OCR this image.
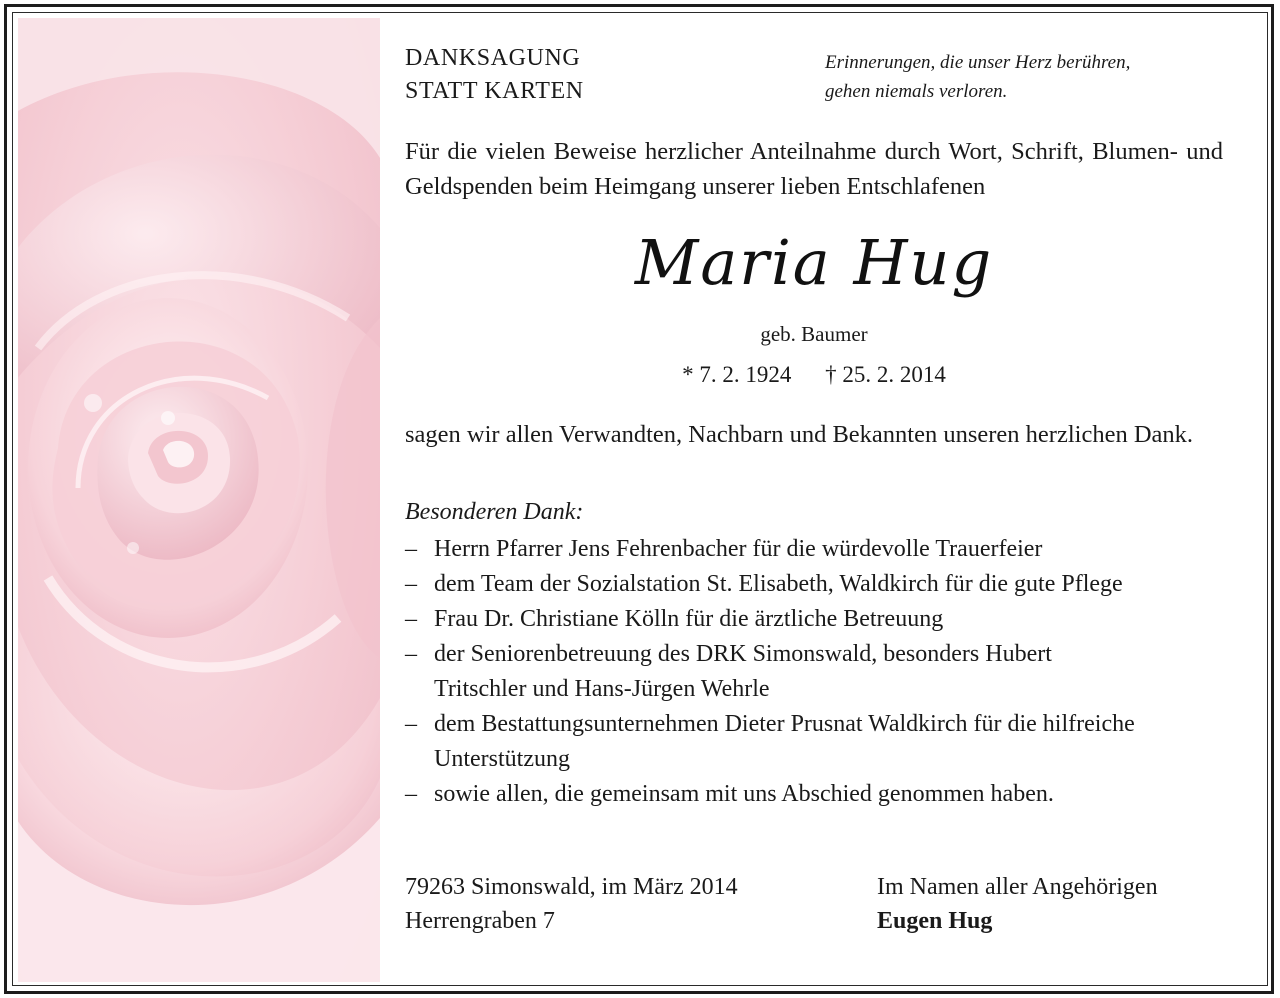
DANKSAGUNG
STATT KARTEN
Erinnerungen, die unser Herz berühren,
gehen niemals verloren.
Für die vielen Beweise herzlicher Anteilnahme durch Wort, Schrift, Blumen- und Geldspenden beim Heimgang unserer lieben Entschlafenen
Maria Hug
geb. Baumer
* 7. 2. 1924 † 25. 2. 2014
sagen wir allen Verwandten, Nachbarn und Bekannten unseren herzlichen Dank.
Besonderen Dank:
– Herrn Pfarrer Jens Fehrenbacher für die würdevolle Trauerfeier
– dem Team der Sozialstation St. Elisabeth, Waldkirch für die gute Pflege
– Frau Dr. Christiane Kölln für die ärztliche Betreuung
– der Seniorenbetreuung des DRK Simonswald, besonders Hubert Tritschler und Hans-Jürgen Wehrle
– dem Bestattungsunternehmen Dieter Prusnat Waldkirch für die hilfreiche Unterstützung
– sowie allen, die gemeinsam mit uns Abschied genommen haben.
79263 Simonswald, im März 2014
Herrengraben 7
Im Namen aller Angehörigen
Eugen Hug
